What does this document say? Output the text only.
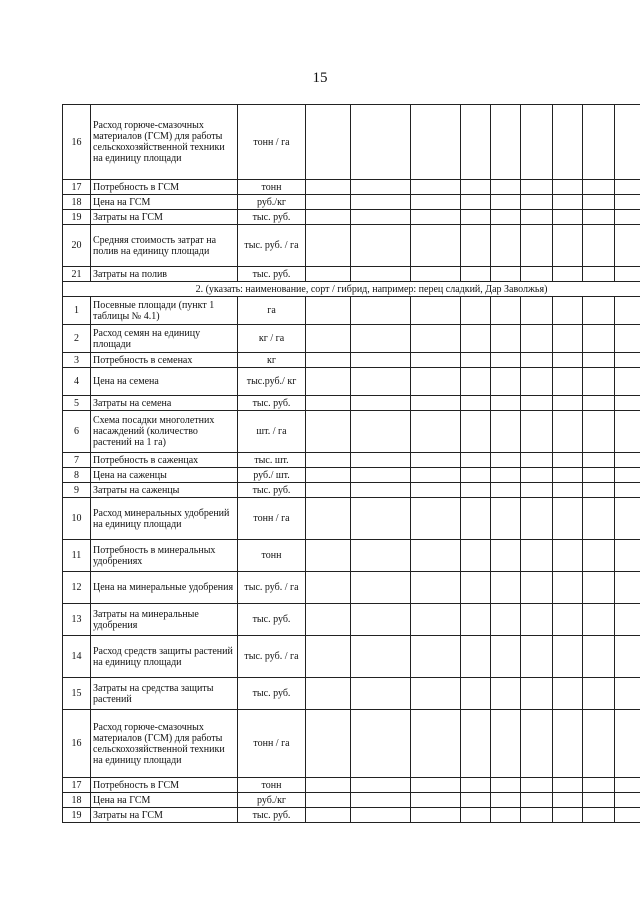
15
16	Расход горюче-смазочных материалов (ГСМ) для работы сельскохозяйственной техники на единицу площади	тонн / га										
17	Потребность в ГСМ	тонн										
18	Цена на ГСМ	руб./кг										
19	Затраты на ГСМ	тыс. руб.										
20	Средняя стоимость затрат на полив на единицу площади	тыс. руб. / га										
21	Затраты на полив	тыс. руб.										
2. (указать: наименование, сорт / гибрид, например: перец сладкий, Дар Заволжья)												
1	Посевные площади (пункт 1 таблицы № 4.1)	га										
2	Расход семян на единицу площади	кг / га										
3	Потребность в семенах	кг										
4	Цена на семена	тыс.руб./ кг										
5	Затраты на семена	тыс. руб.										
6	Схема посадки многолетних насаждений (количество растений на 1 га)	шт. / га										
7	Потребность в саженцах	тыс. шт.										
8	Цена на саженцы	руб./ шт.										
9	Затраты на саженцы	тыс. руб.										
10	Расход минеральных удобрений на единицу площади	тонн / га										
11	Потребность в минеральных удобрениях	тонн										
12	Цена на минеральные удобрения	тыс. руб. / га										
13	Затраты на минеральные удобрения	тыс. руб.										
14	Расход средств защиты растений на единицу площади	тыс. руб. / га										
15	Затраты на средства защиты растений	тыс. руб.										
16	Расход горюче-смазочных материалов (ГСМ) для работы сельскохозяйственной техники на единицу площади	тонн / га										
17	Потребность в ГСМ	тонн										
18	Цена на ГСМ	руб./кг										
19	Затраты на ГСМ	тыс. руб.										
